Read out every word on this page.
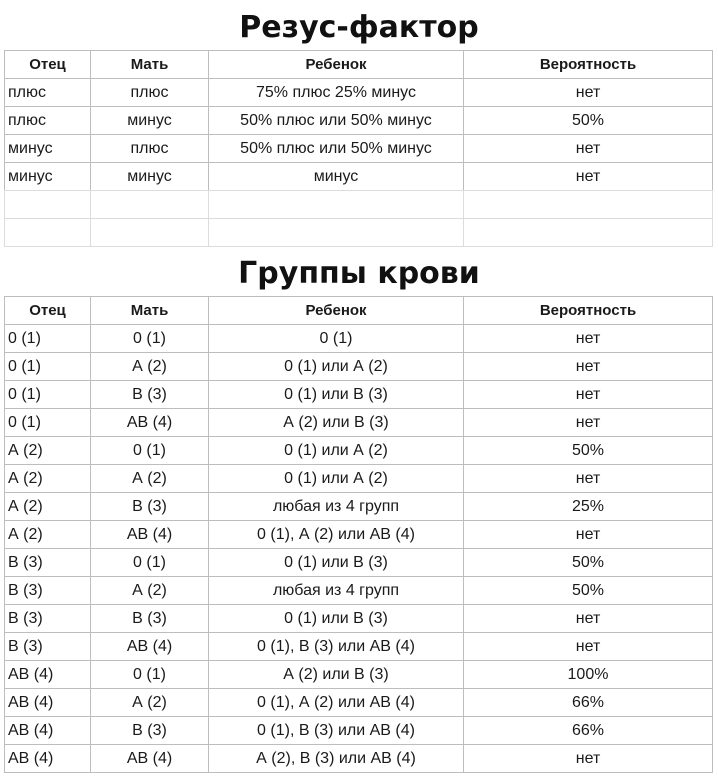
Резус-фактор
Отец	Мать	Ребенок	Вероятность
плюс	плюс	75% плюс 25% минус	нет
плюс	минус	50% плюс или 50% минус	50%
минус	плюс	50% плюс или 50% минус	нет
минус	минус	минус	нет

Группы крови
Отец	Мать	Ребенок	Вероятность
0 (1)	0 (1)	0 (1)	нет
0 (1)	А (2)	0 (1) или А (2)	нет
0 (1)	В (3)	0 (1) или В (3)	нет
0 (1)	АВ (4)	А (2) или В (3)	нет
А (2)	0 (1)	0 (1) или А (2)	50%
А (2)	А (2)	0 (1) или А (2)	нет
А (2)	В (3)	любая из 4 групп	25%
А (2)	АВ (4)	0 (1), А (2) или АВ (4)	нет
В (3)	0 (1)	0 (1) или В (3)	50%
В (3)	А (2)	любая из 4 групп	50%
В (3)	В (3)	0 (1) или В (3)	нет
В (3)	АВ (4)	0 (1), В (3) или АВ (4)	нет
АВ (4)	0 (1)	А (2) или В (3)	100%
АВ (4)	А (2)	0 (1), А (2) или АВ (4)	66%
АВ (4)	В (3)	0 (1), В (3) или АВ (4)	66%
АВ (4)	АВ (4)	А (2), В (3) или АВ (4)	нет
